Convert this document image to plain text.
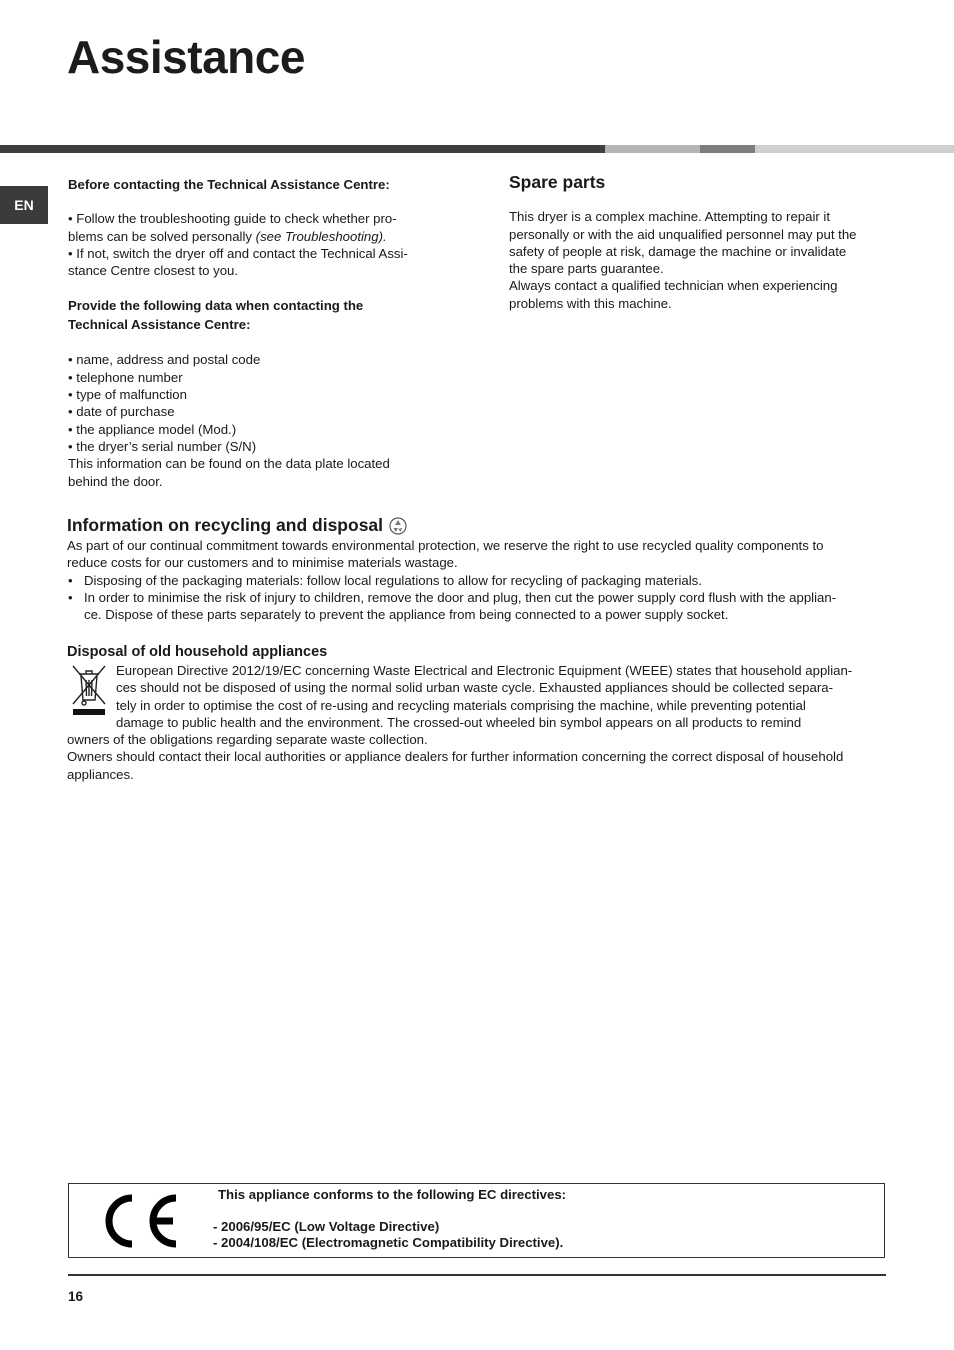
Assistance
EN

Before contacting the Technical Assistance Centre:

• Follow the troubleshooting guide to check whether pro-

blems can be solved personally (see Troubleshooting).

• If not, switch the dryer off and contact the Technical Assi-

stance Centre closest to you.

Provide the following data when contacting the

Technical Assistance Centre:

• name, address and postal code

• telephone number

• type of malfunction

• date of purchase

• the appliance model (Mod.)

• the dryer’s serial number (S/N)

This information can be found on the data plate located

behind the door.

Spare parts

This dryer is a complex machine. Attempting to repair it

personally or with the aid unqualified personnel may put the

safety of people at risk, damage the machine or invalidate

the spare parts guarantee.

Always contact a qualified technician when experiencing

problems with this machine.

Information on recycling and disposal

As part of our continual commitment towards environmental protection, we reserve the right to use recycled quality components to

reduce costs for our customers and to minimise materials wastage.

• Disposing of the packaging materials: follow local regulations to allow for recycling of packaging materials.
• In order to minimise the risk of injury to children, remove the door and plug, then cut the power supply cord flush with the applian-
ce. Dispose of these parts separately to prevent the appliance from being connected to a power supply socket.

Disposal of old household appliances

European Directive 2012/19/EC concerning Waste Electrical and Electronic Equipment (WEEE) states that household applian-

ces should not be disposed of using the normal solid urban waste cycle. Exhausted appliances should be collected separa-

tely in order to optimise the cost of re-using and recycling materials comprising the machine, while preventing potential

damage to public health and the environment. The crossed-out wheeled bin symbol appears on all products to remind

owners of the obligations regarding separate waste collection.

Owners should contact their local authorities or appliance dealers for further information concerning the correct disposal of household

appliances.

This appliance conforms to the following EC directives:

- 2006/95/EC (Low Voltage Directive)

- 2004/108/EC (Electromagnetic Compatibility Directive).

16
